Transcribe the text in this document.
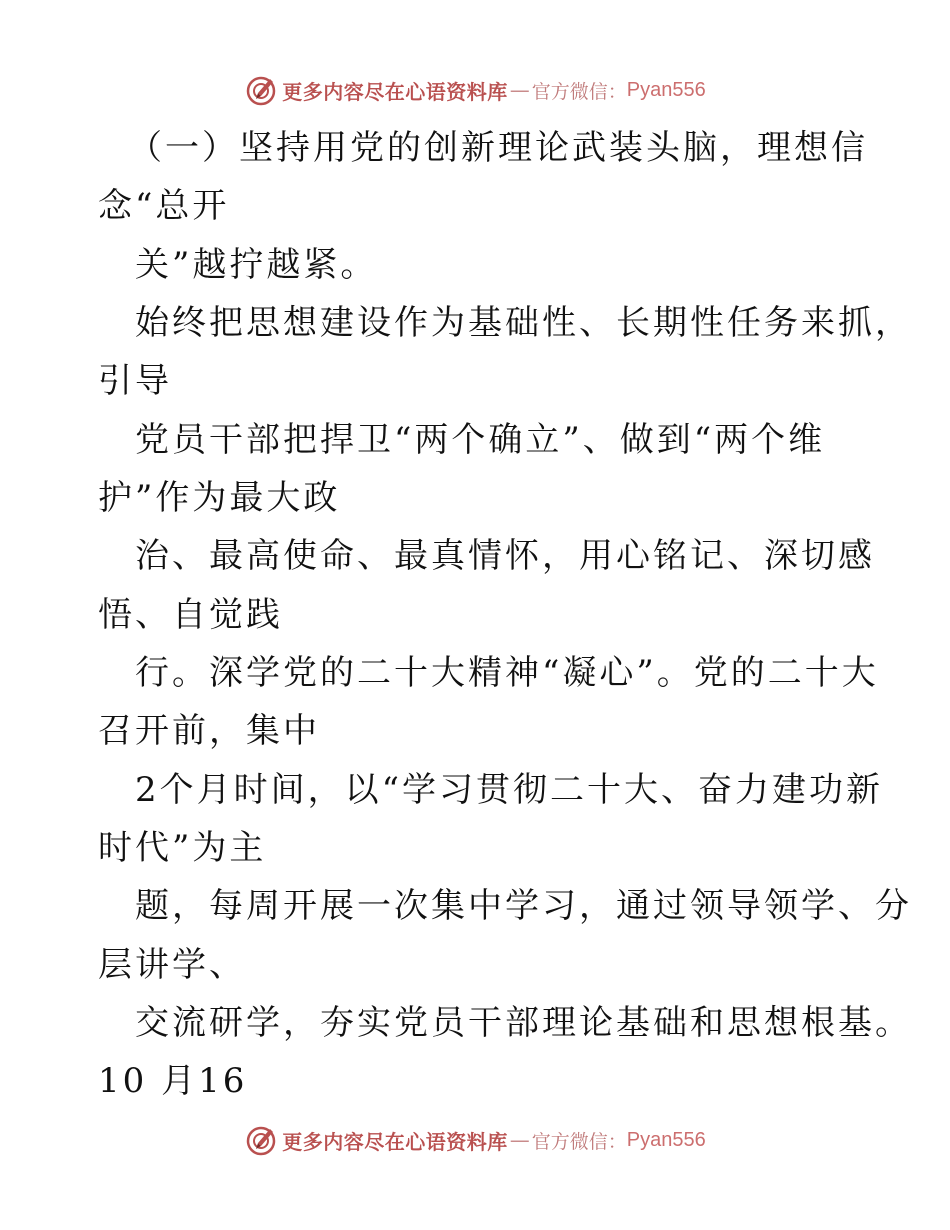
更多内容尽在心语资料库 — 官方微信： Pyan556
（一）坚持用党的创新理论武装头脑，理想信
念“总开
关”越拧越紧。
始终把思想建设作为基础性、长期性任务来抓，
引导
党员干部把捍卫“两个确立”、做到“两个维
护”作为最大政
治、最高使命、最真情怀，用心铭记、深切感
悟、自觉践
行。深学党的二十大精神“凝心”。党的二十大
召开前，集中
2个月时间，以“学习贯彻二十大、奋力建功新
时代”为主
题，每周开展一次集中学习，通过领导领学、分
层讲学、
交流研学，夯实党员干部理论基础和思想根基。
10 月16
更多内容尽在心语资料库 — 官方微信： Pyan556
